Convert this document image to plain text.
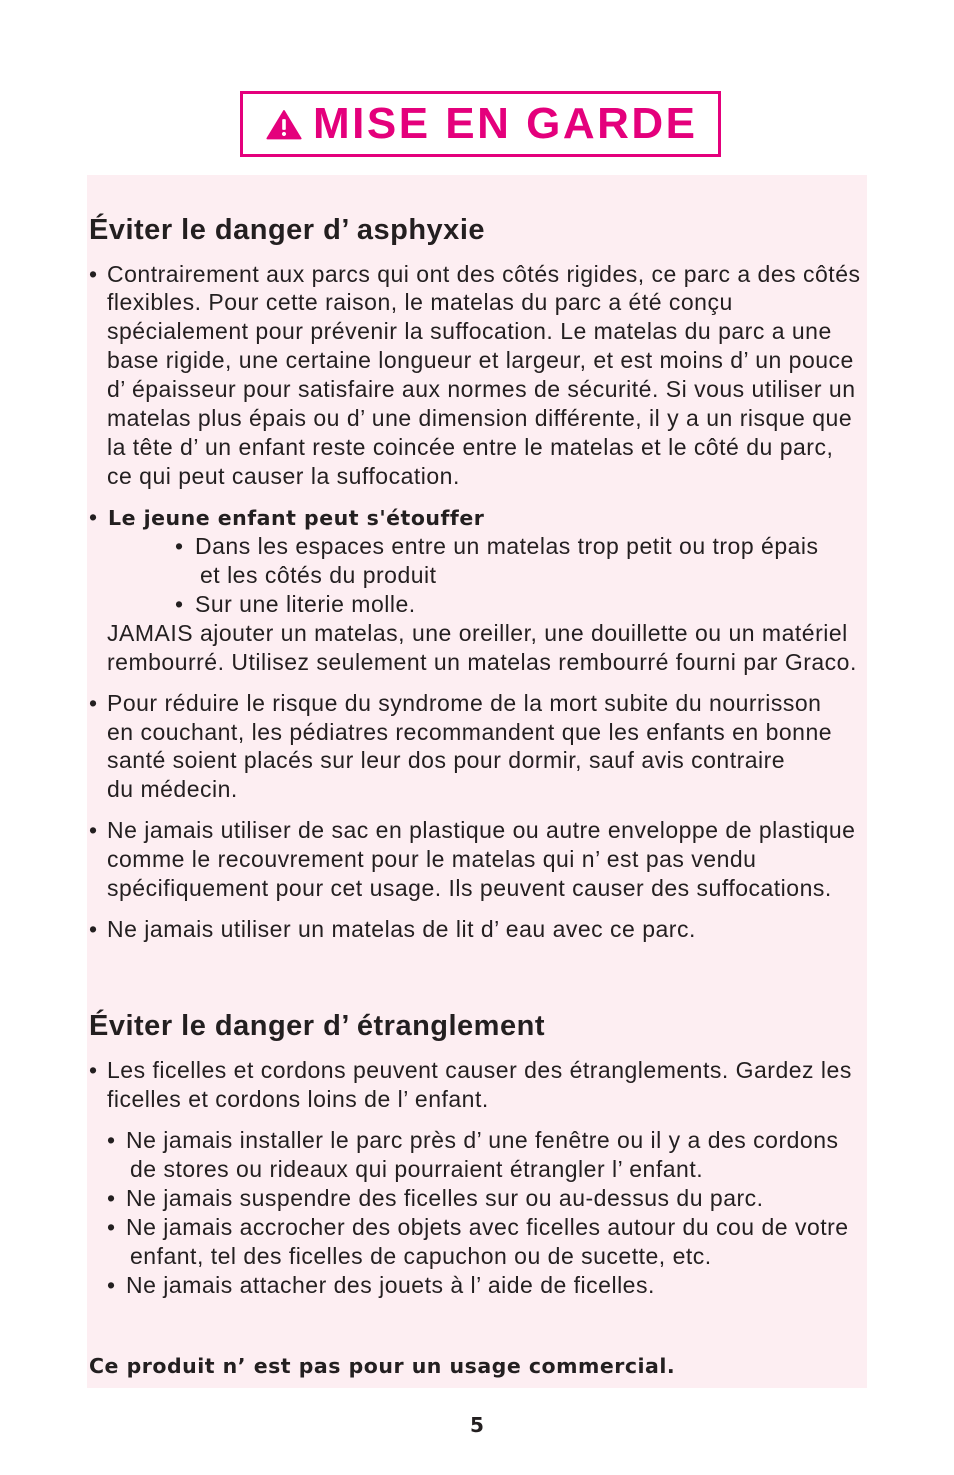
MISE EN GARDE
Éviter le danger d’ asphyxie
• Contrairement aux parcs qui ont des côtés rigides, ce parc a des côtés
flexibles. Pour cette raison, le matelas du parc a été conçu
spécialement pour prévenir la suffocation. Le matelas du parc a une
base rigide, une certaine longueur et largeur, et est moins d’ un pouce
d’ épaisseur pour satisfaire aux normes de sécurité. Si vous utiliser un
matelas plus épais ou d’ une dimension différente, il y a un risque que
la tête d’ un enfant reste coincée entre le matelas et le côté du parc,
ce qui peut causer la suffocation.
• Le jeune enfant peut s'étouffer
• Dans les espaces entre un matelas trop petit ou trop épais
et les côtés du produit
• Sur une literie molle.
JAMAIS ajouter un matelas, une oreiller, une douillette ou un matériel
rembourré. Utilisez seulement un matelas rembourré fourni par Graco.
• Pour réduire le risque du syndrome de la mort subite du nourrisson
en couchant, les pédiatres recommandent que les enfants en bonne
santé soient placés sur leur dos pour dormir, sauf avis contraire
du médecin.
• Ne jamais utiliser de sac en plastique ou autre enveloppe de plastique
comme le recouvrement pour le matelas qui n’ est pas vendu
spécifiquement pour cet usage. Ils peuvent causer des suffocations.
• Ne jamais utiliser un matelas de lit d’ eau avec ce parc.
Éviter le danger d’ étranglement
• Les ficelles et cordons peuvent causer des étranglements. Gardez les
ficelles et cordons loins de l’ enfant.
• Ne jamais installer le parc près d’ une fenêtre ou il y a des cordons
de stores ou rideaux qui pourraient étrangler l’ enfant.
• Ne jamais suspendre des ficelles sur ou au-dessus du parc.
• Ne jamais accrocher des objets avec ficelles autour du cou de votre
enfant, tel des ficelles de capuchon ou de sucette, etc.
• Ne jamais attacher des jouets à l’ aide de ficelles.
Ce produit n’ est pas pour un usage commercial.
5
